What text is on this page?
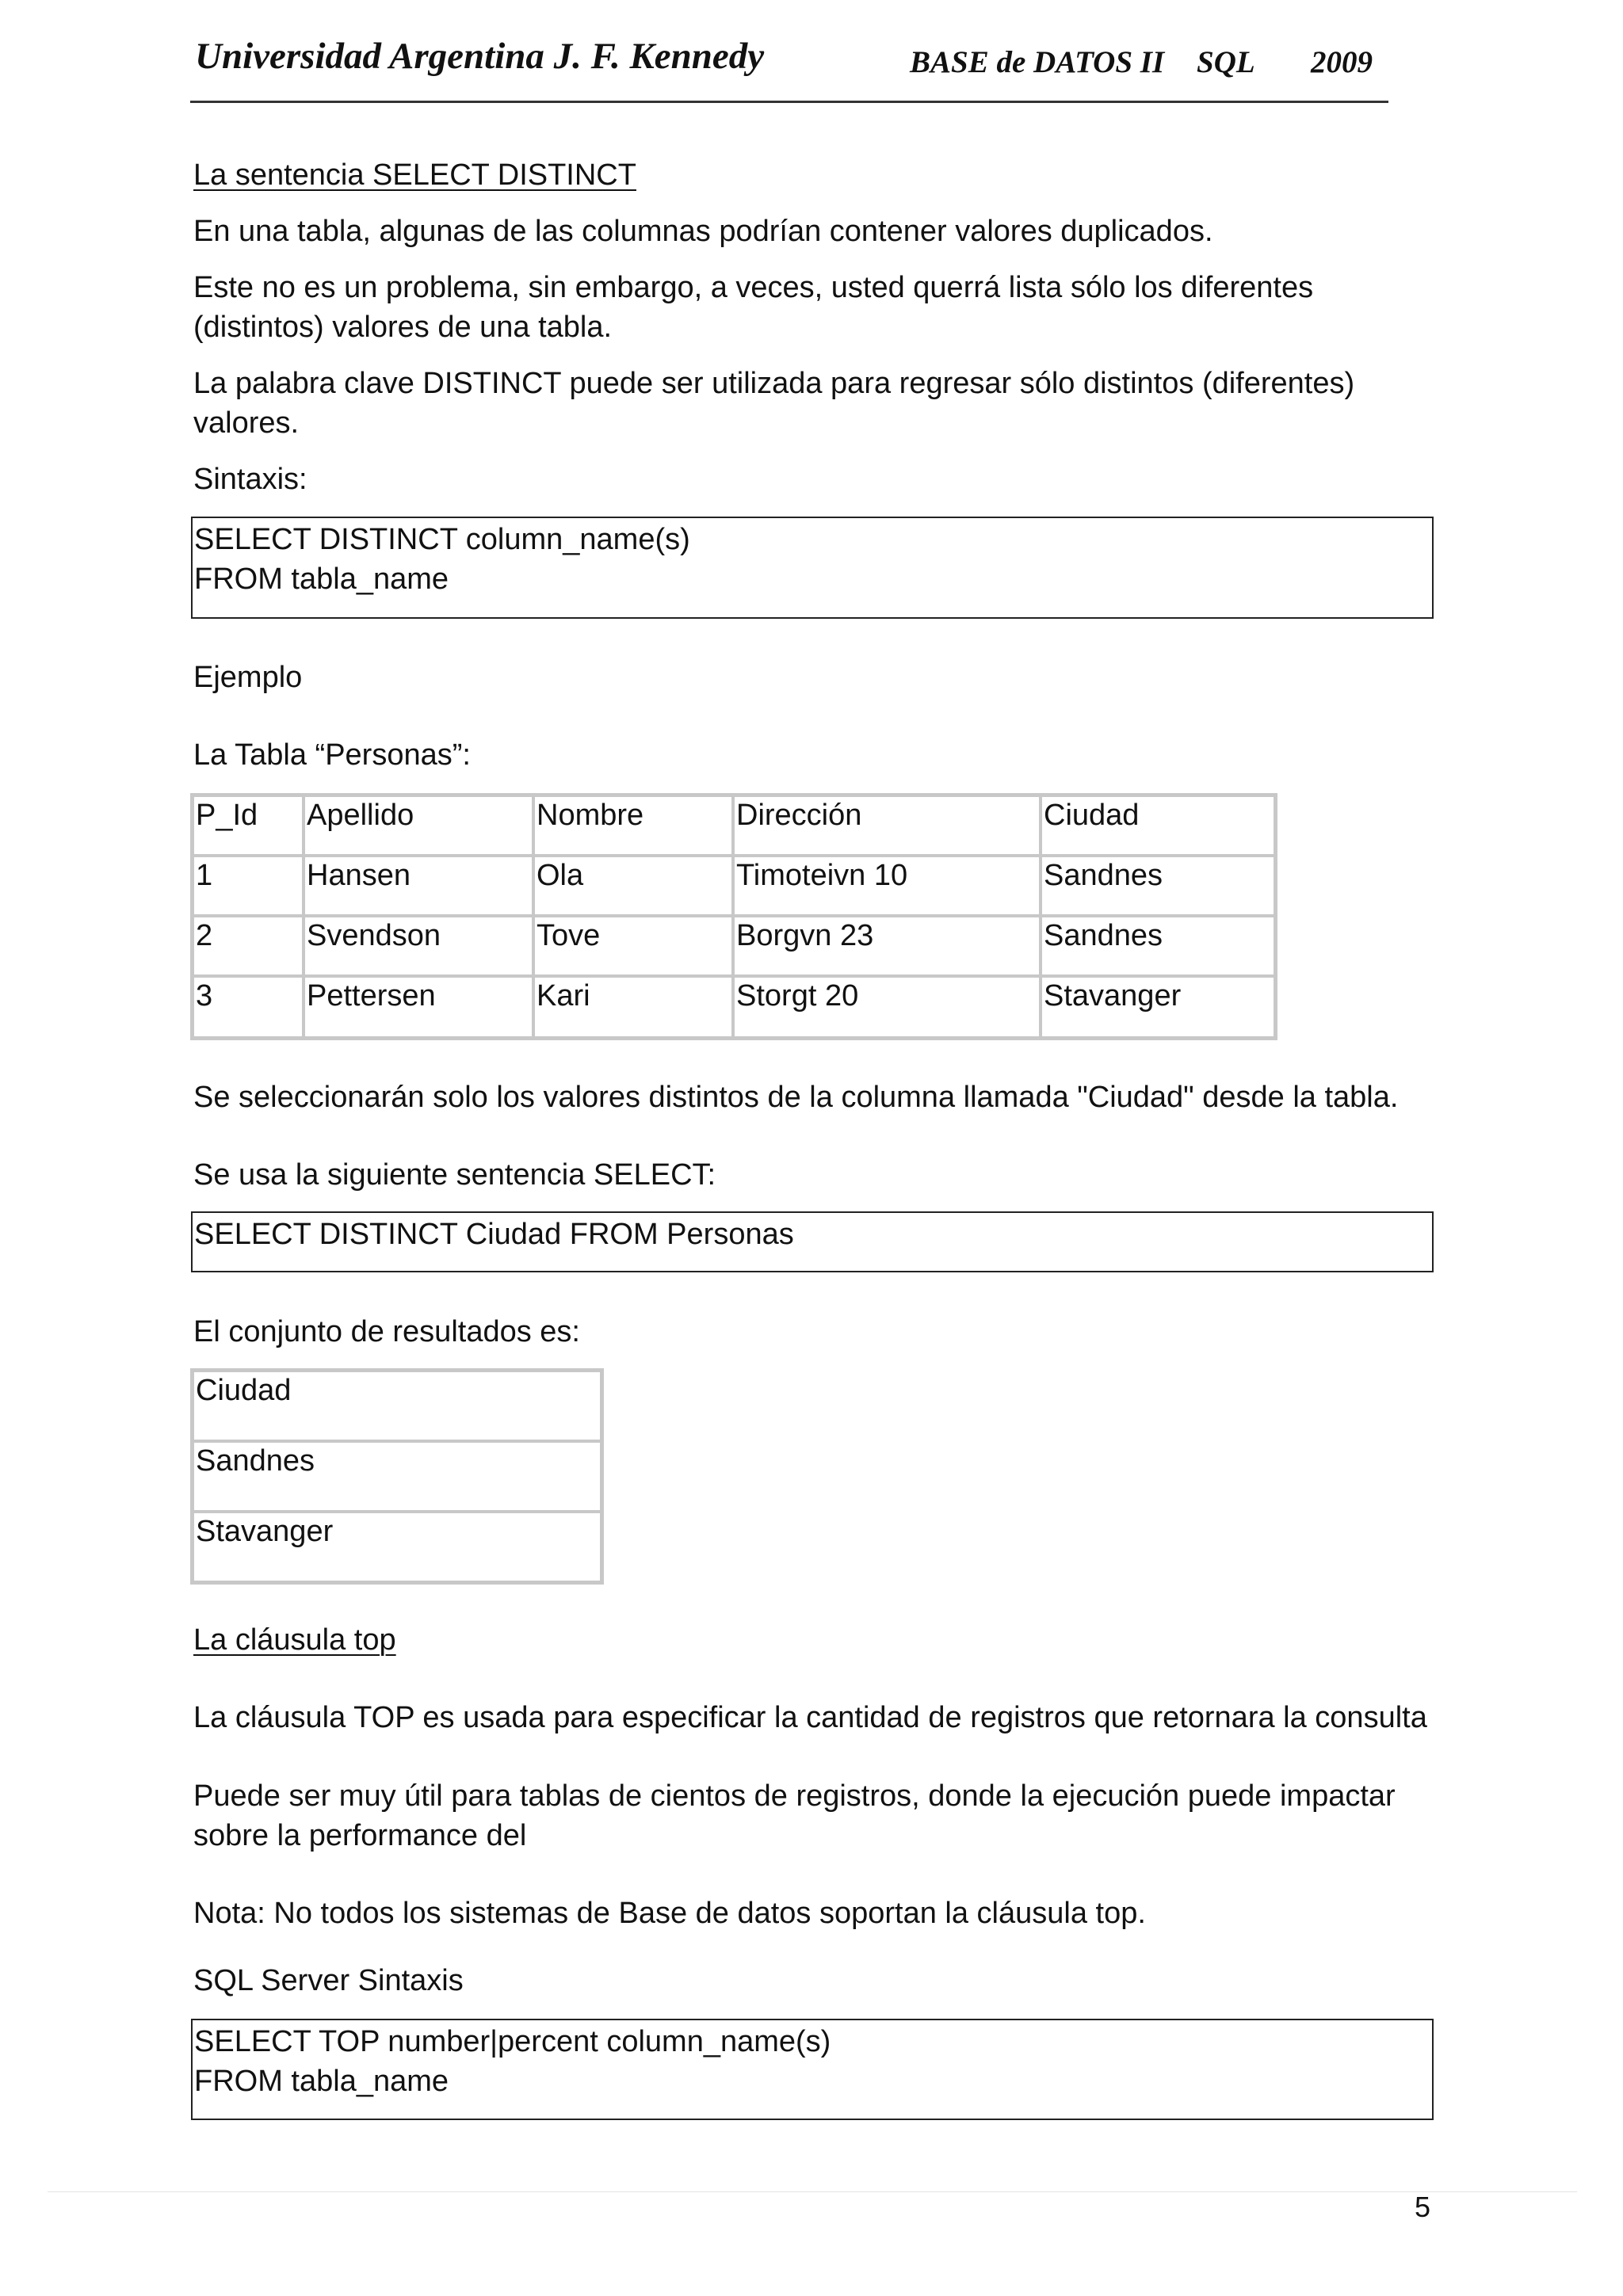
Universidad Argentina J. F. Kennedy	BASE de DATOS II SQL 2009
La sentencia SELECT DISTINCT
En una tabla, algunas de las columnas podrían contener valores duplicados.
Este no es un problema, sin embargo, a veces, usted querrá lista sólo los diferentes
(distintos) valores de una tabla.
La palabra clave DISTINCT puede ser utilizada para regresar sólo distintos (diferentes)
valores.
Sintaxis:
SELECT DISTINCT column_name(s)
FROM tabla_name
Ejemplo
La Tabla “Personas”:
P_Id	Apellido	Nombre	Dirección	Ciudad
1	Hansen	Ola	Timoteivn 10	Sandnes
2	Svendson	Tove	Borgvn 23	Sandnes
3	Pettersen	Kari	Storgt 20	Stavanger
Se seleccionarán solo los valores distintos de la columna llamada "Ciudad" desde la tabla.
Se usa la siguiente sentencia SELECT:
SELECT DISTINCT Ciudad FROM Personas
El conjunto de resultados es:
Ciudad
Sandnes
Stavanger
La cláusula top
La cláusula TOP es usada para especificar la cantidad de registros que retornara la consulta
Puede ser muy útil para tablas de cientos de registros, donde la ejecución puede impactar
sobre la performance del
Nota: No todos los sistemas de Base de datos soportan la cláusula top.
SQL Server Sintaxis
SELECT TOP number|percent column_name(s)
FROM tabla_name
5
